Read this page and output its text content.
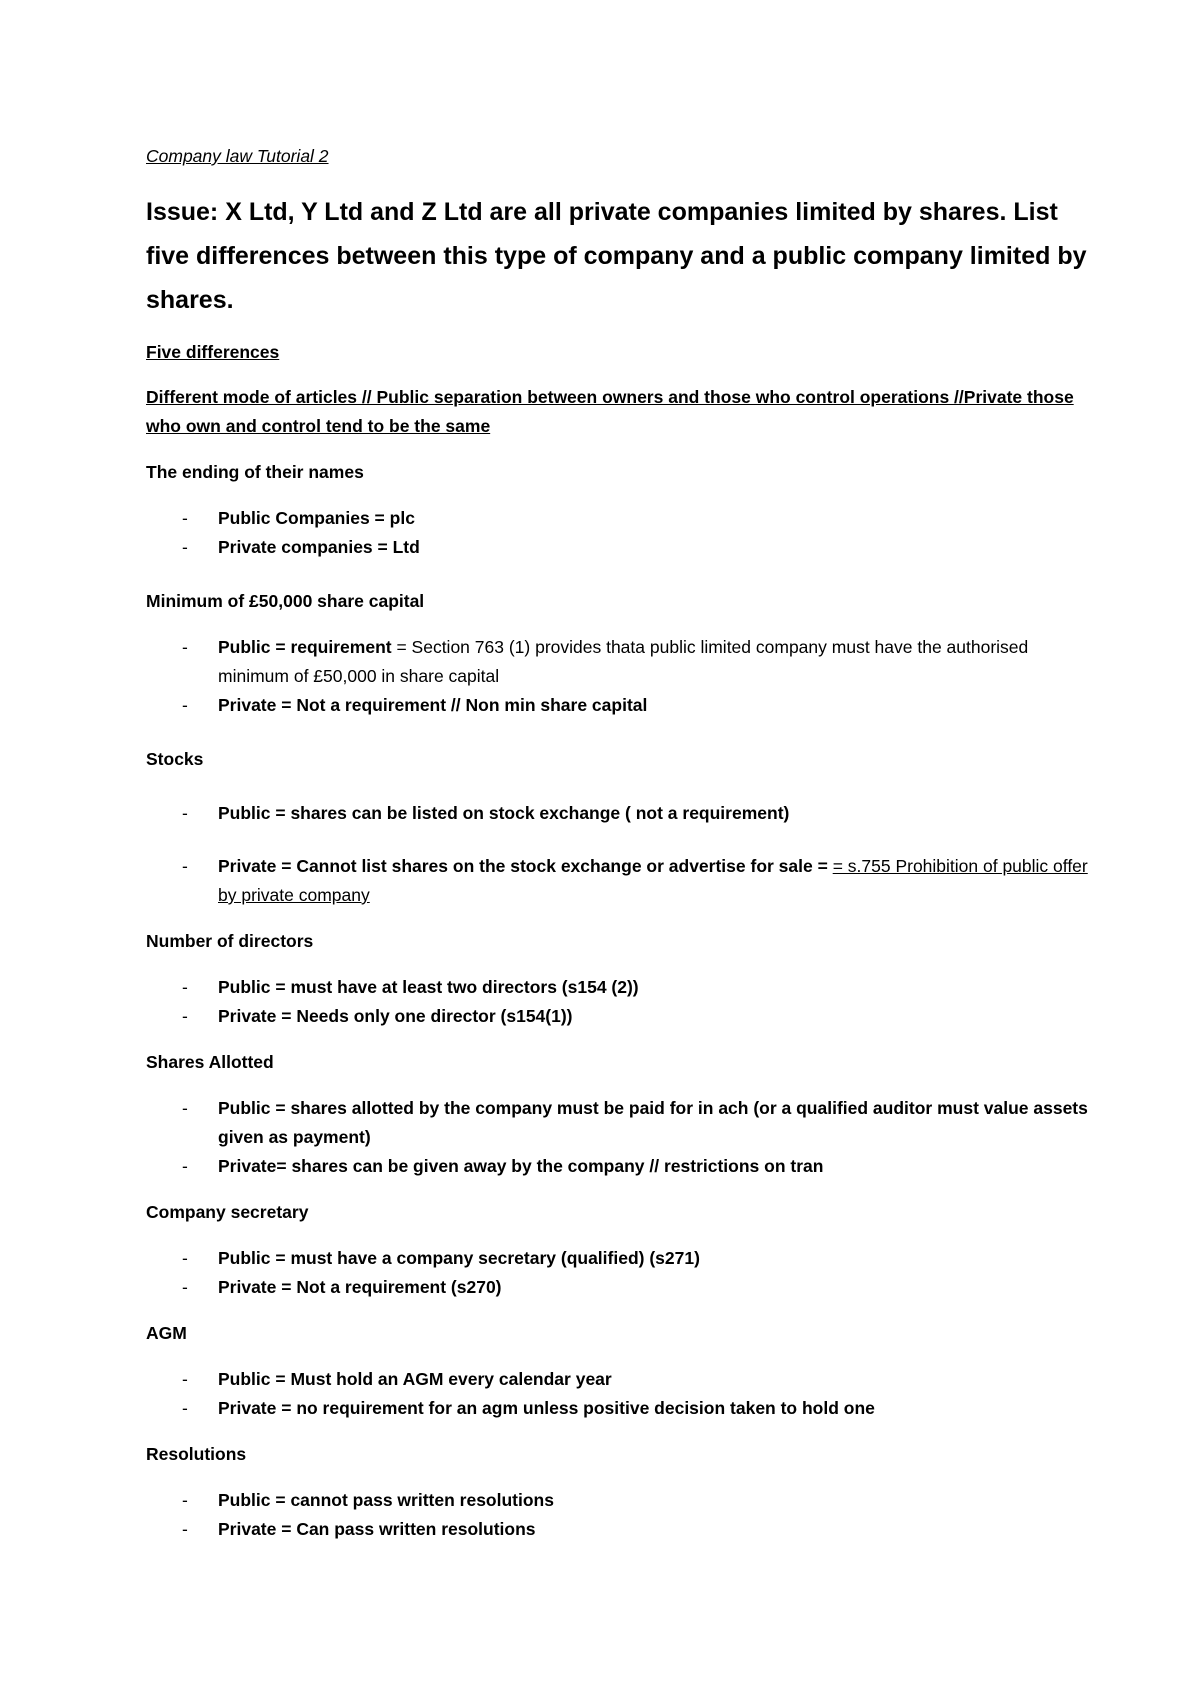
Company law Tutorial 2
Issue: X Ltd, Y Ltd and Z Ltd are all private companies limited by shares. List five differences between this type of company and a public company limited by shares.
Five differences
Different mode of articles // Public separation between owners and those who control operations //Private those who own and control tend to be the same
The ending of their names
- Public Companies = plc
- Private companies = Ltd
Minimum of £50,000 share capital
- Public = requirement = Section 763 (1) provides thata public limited company must have the authorised minimum of £50,000 in share capital
- Private = Not a requirement // Non min share capital
Stocks
- Public = shares can be listed on stock exchange ( not a requirement)
- Private = Cannot list shares on the stock exchange or advertise for sale = = s.755 Prohibition of public offer by private company
Number of directors
- Public = must have at least two directors (s154 (2))
- Private = Needs only one director (s154(1))
Shares Allotted
- Public = shares allotted by the company must be paid for in ach (or a qualified auditor must value assets given as payment)
- Private= shares can be given away by the company // restrictions on tran
Company secretary
- Public = must have a company secretary (qualified) (s271)
- Private = Not a requirement (s270)
AGM
- Public = Must hold an AGM every calendar year
- Private = no requirement for an agm unless positive decision taken to hold one
Resolutions
- Public = cannot pass written resolutions
- Private = Can pass written resolutions
